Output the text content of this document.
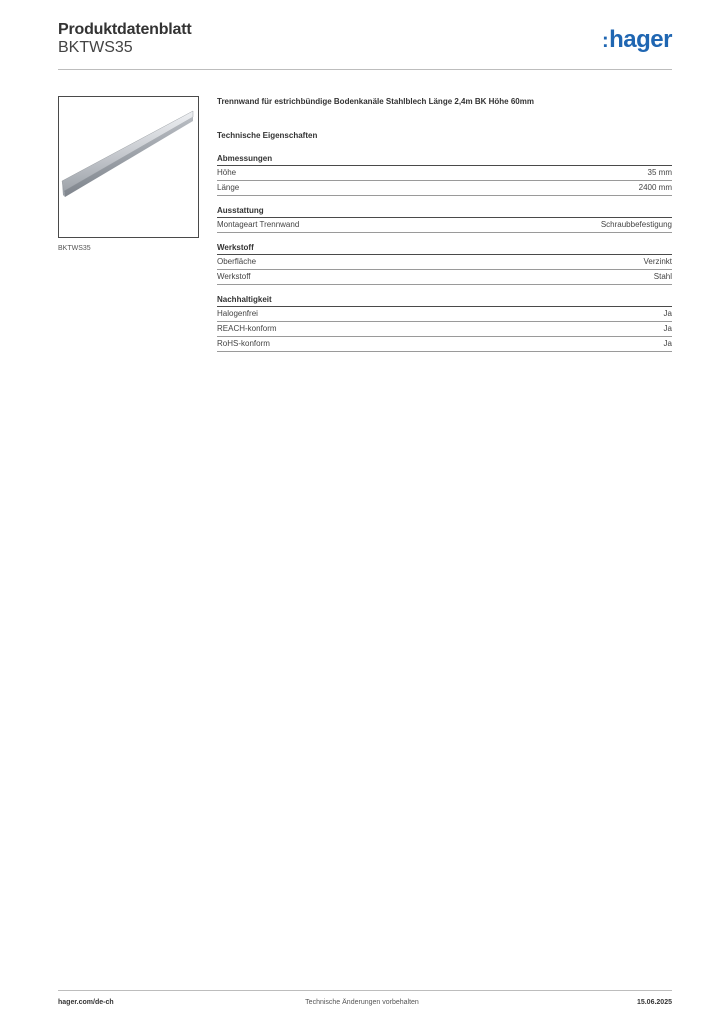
Produktdatenblatt
BKTWS35	:hager
BKTWS35
Trennwand für estrichbündige Bodenkanäle Stahlblech Länge 2,4m BK Höhe 60mm
Technische Eigenschaften
Abmessungen
Höhe	35 mm
Länge	2400 mm
Ausstattung
Montageart Trennwand	Schraubbefestigung
Werkstoff
Oberfläche	Verzinkt
Werkstoff	Stahl
Nachhaltigkeit
Halogenfrei	Ja
REACH-konform	Ja
RoHS-konform	Ja
hager.com/de-ch	Technische Änderungen vorbehalten	15.06.2025
